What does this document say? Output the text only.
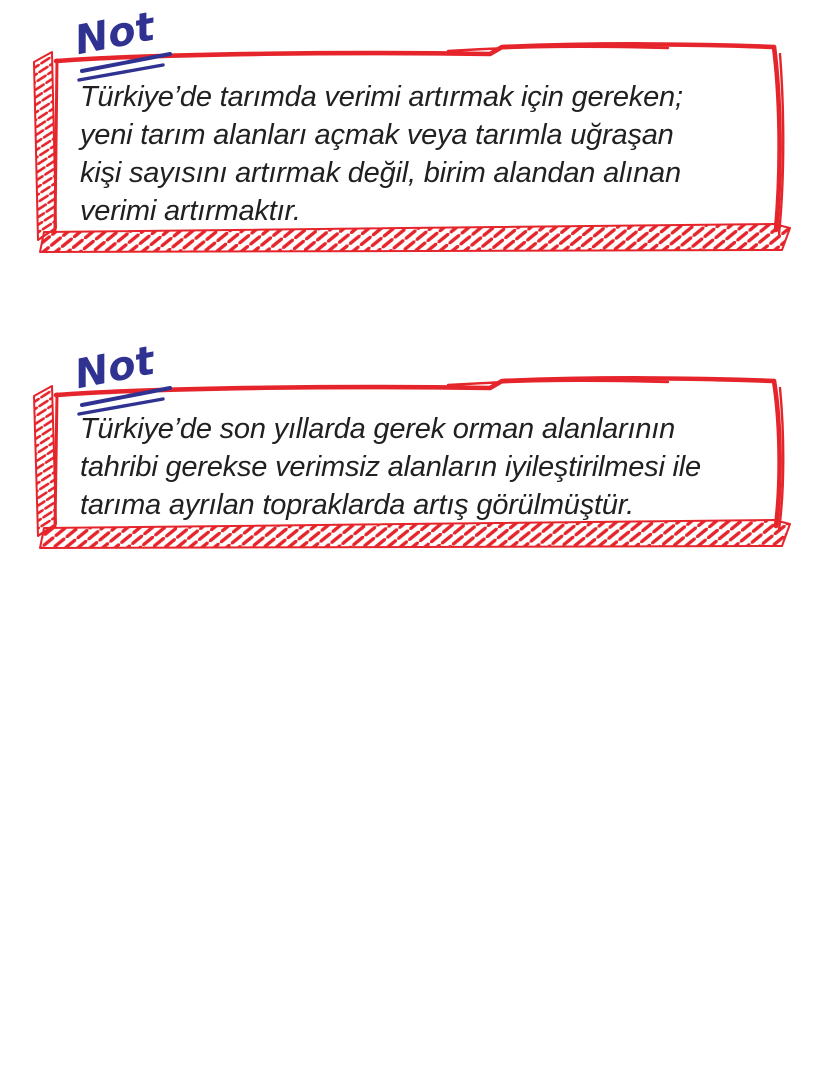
Not
Türkiye’de tarımda verimi artırmak için gereken;
yeni tarım alanları açmak veya tarımla uğraşan
kişi sayısını artırmak değil, birim alandan alınan
verimi artırmaktır.
Not
Türkiye’de son yıllarda gerek orman alanlarının
tahribi gerekse verimsiz alanların iyileştirilmesi ile
tarıma ayrılan topraklarda artış görülmüştür.
